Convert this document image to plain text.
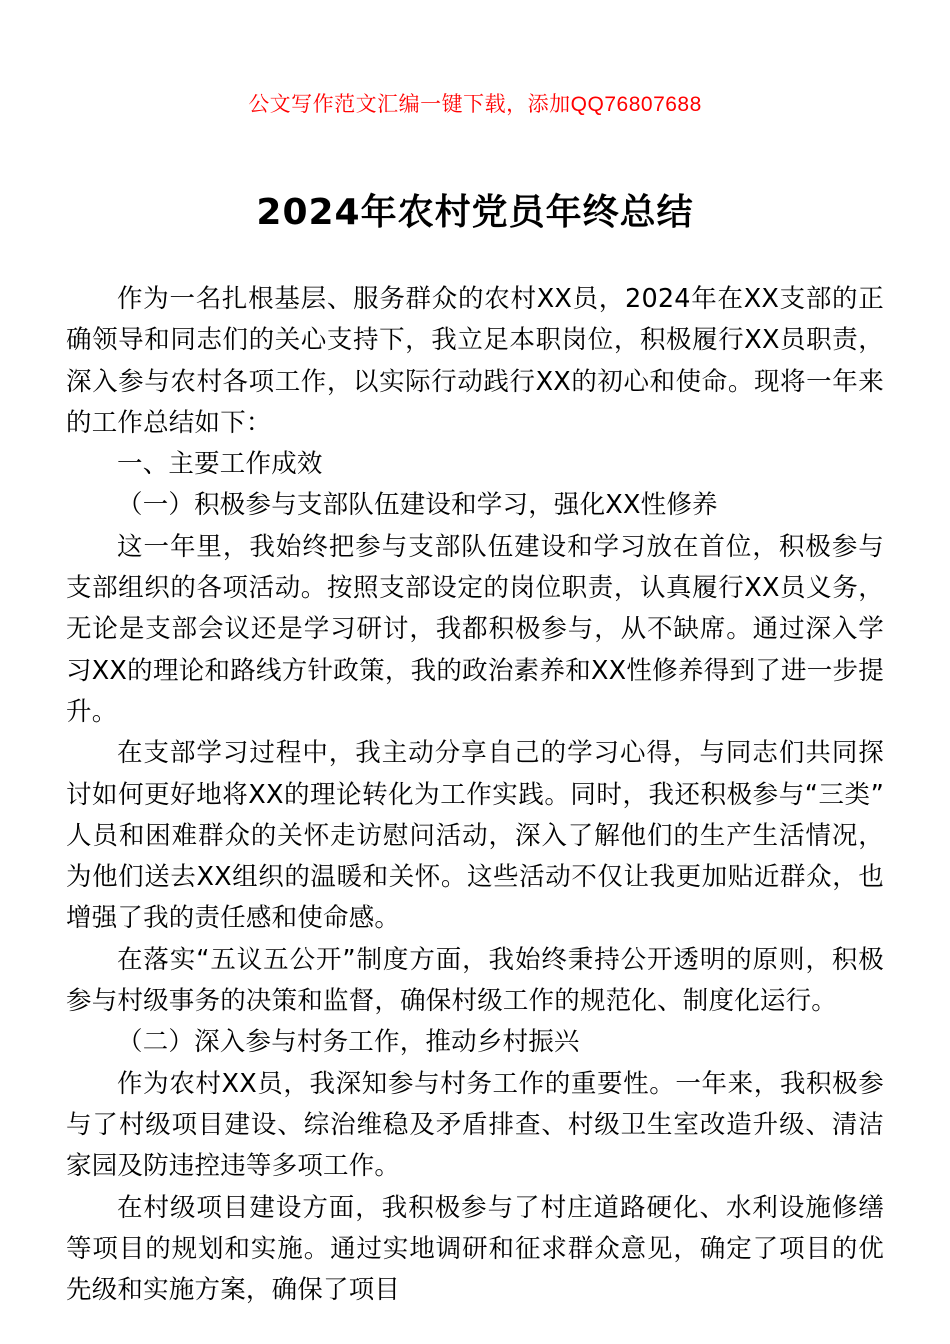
公文写作范文汇编一键下载，添加QQ76807688
2024年农村党员年终总结

作为一名扎根基层、服务群众的农村XX员，2024年在XX支部的正确领导和同志们的关心支持下，我立足本职岗位，积极履行XX员职责，深入参与农村各项工作，以实际行动践行XX的初心和使命。现将一年来的工作总结如下：

一、主要工作成效

（一）积极参与支部队伍建设和学习，强化XX性修养

这一年里，我始终把参与支部队伍建设和学习放在首位，积极参与支部组织的各项活动。按照支部设定的岗位职责，认真履行XX员义务，无论是支部会议还是学习研讨，我都积极参与，从不缺席。通过深入学习XX的理论和路线方针政策，我的政治素养和XX性修养得到了进一步提升。

在支部学习过程中，我主动分享自己的学习心得，与同志们共同探讨如何更好地将XX的理论转化为工作实践。同时，我还积极参与“三类”人员和困难群众的关怀走访慰问活动，深入了解他们的生产生活情况，为他们送去XX组织的温暖和关怀。这些活动不仅让我更加贴近群众，也增强了我的责任感和使命感。

在落实“五议五公开”制度方面，我始终秉持公开透明的原则，积极参与村级事务的决策和监督，确保村级工作的规范化、制度化运行。

（二）深入参与村务工作，推动乡村振兴

作为农村XX员，我深知参与村务工作的重要性。一年来，我积极参与了村级项目建设、综治维稳及矛盾排查、村级卫生室改造升级、清洁家园及防违控违等多项工作。

在村级项目建设方面，我积极参与了村庄道路硬化、水利设施修缮等项目的规划和实施。通过实地调研和征求群众意见，确定了项目的优先级和实施方案，确保了项目
